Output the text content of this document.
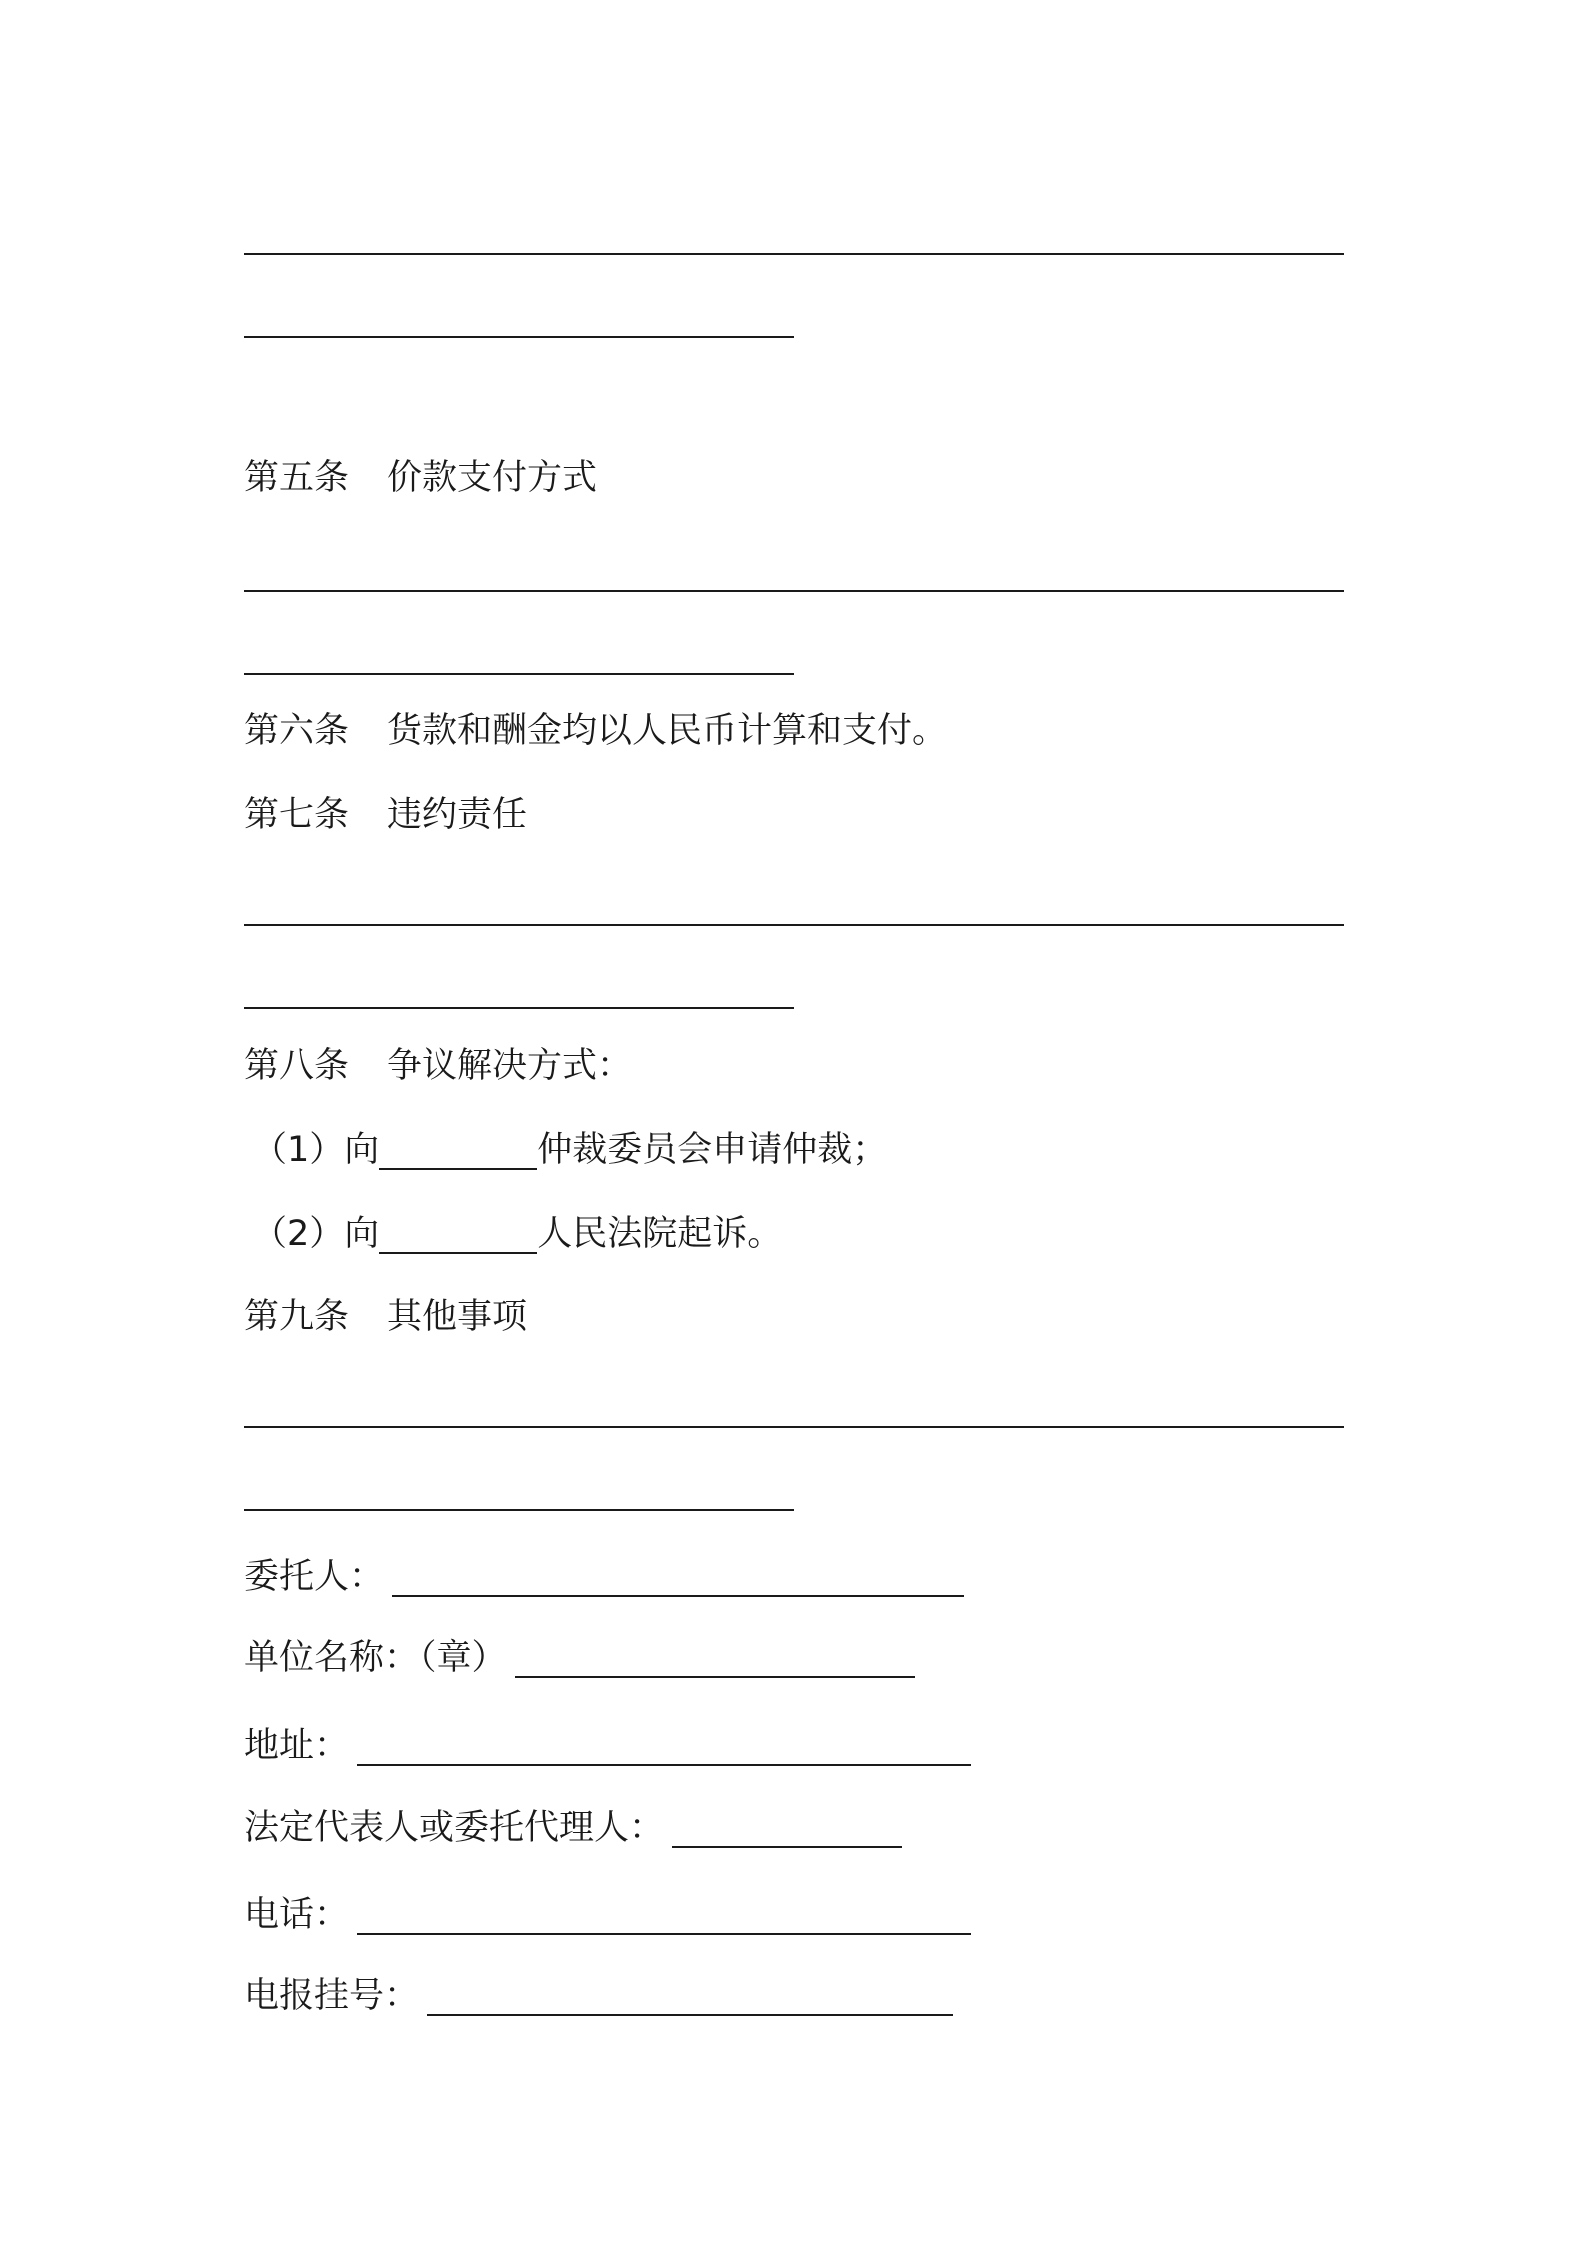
第五条 价款支付方式
第六条 货款和酬金均以人民币计算和支付。
第七条 违约责任
第八条 争议解决方式：
（1）向	仲裁委员会申请仲裁；
（2）向	人民法院起诉。
第九条 其他事项
委托人：
单位名称：（章）
地址：
法定代表人或委托代理人：
电话：
电报挂号：
